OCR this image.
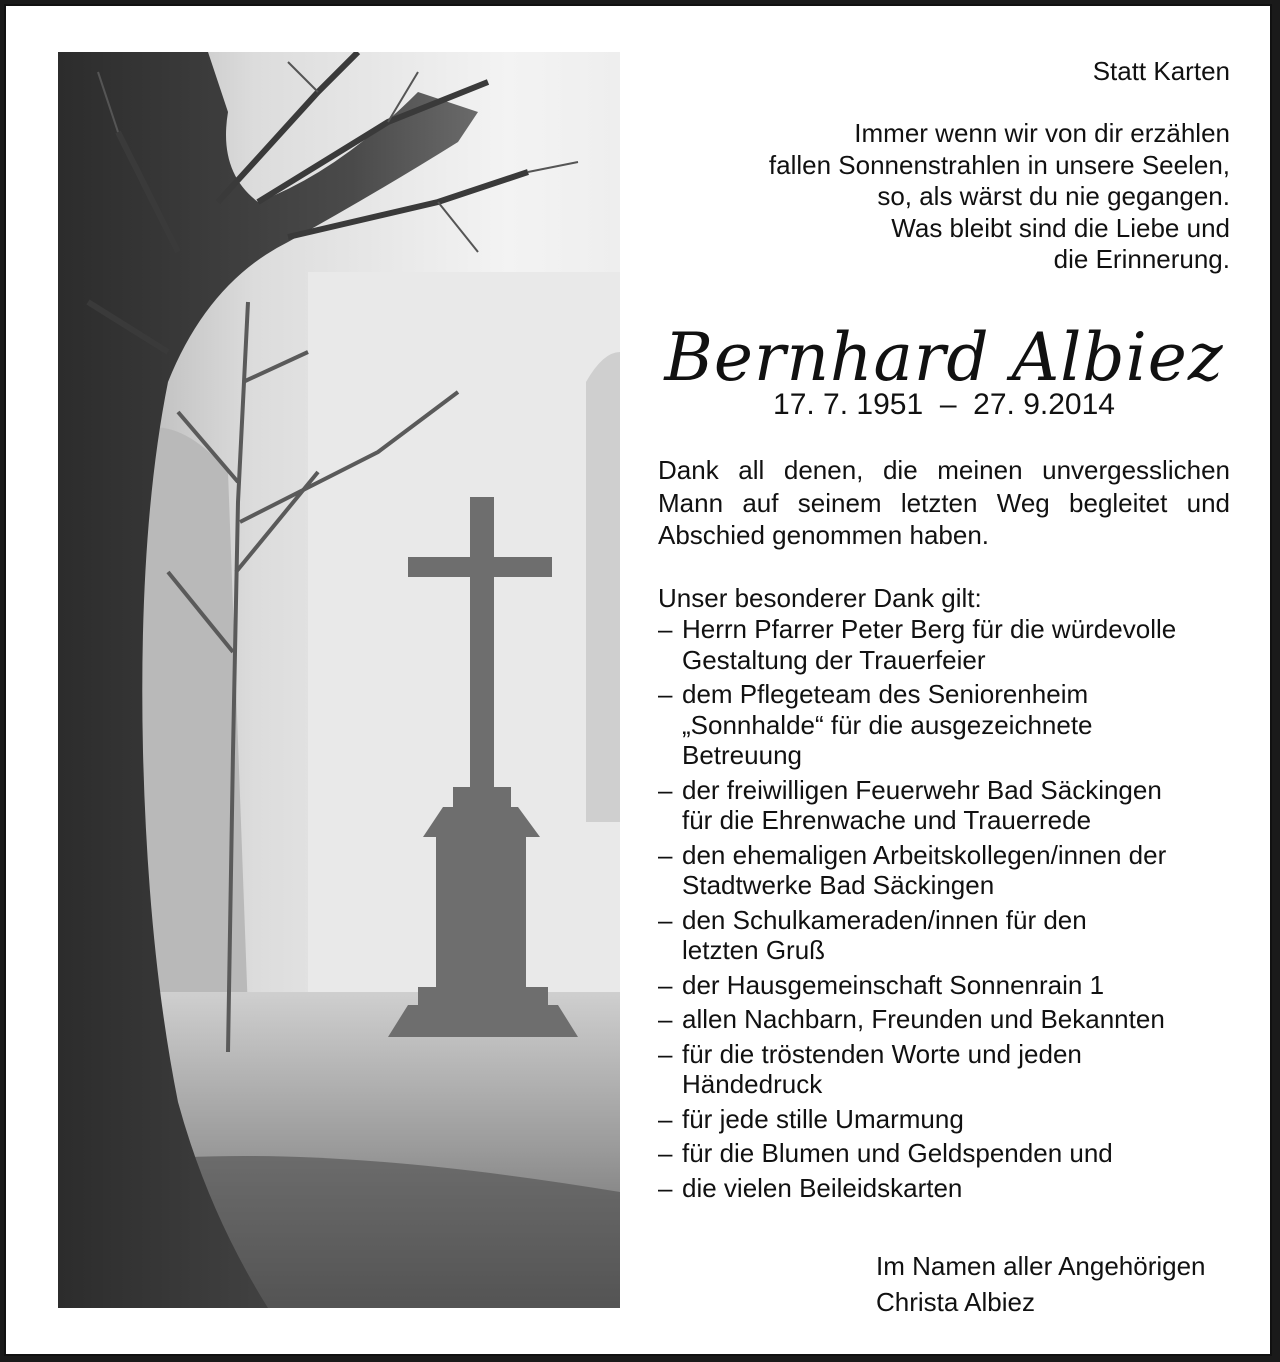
Statt Karten
Immer wenn wir von dir erzählen
fallen Sonnenstrahlen in unsere Seelen,
so, als wärst du nie gegangen.
Was bleibt sind die Liebe und
die Erinnerung.
Bernhard Albiez
17. 7. 1951  –  27. 9.2014
Dank all denen, die meinen unvergesslichen Mann auf seinem letzten Weg begleitet und Abschied genommen haben.
Unser besonderer Dank gilt:
– Herrn Pfarrer Peter Berg für die würdevolle
Gestaltung der Trauerfeier
– dem Pflegeteam des Seniorenheim
„Sonnhalde“ für die ausgezeichnete
Betreuung
– der freiwilligen Feuerwehr Bad Säckingen
für die Ehrenwache und Trauerrede
– den ehemaligen Arbeitskollegen/innen der
Stadtwerke Bad Säckingen
– den Schulkameraden/innen für den
letzten Gruß
– der Hausgemeinschaft Sonnenrain 1
– allen Nachbarn, Freunden und Bekannten
– für die tröstenden Worte und jeden
Händedruck
– für jede stille Umarmung
– für die Blumen und Geldspenden und
– die vielen Beileidskarten
Im Namen aller Angehörigen
Christa Albiez
